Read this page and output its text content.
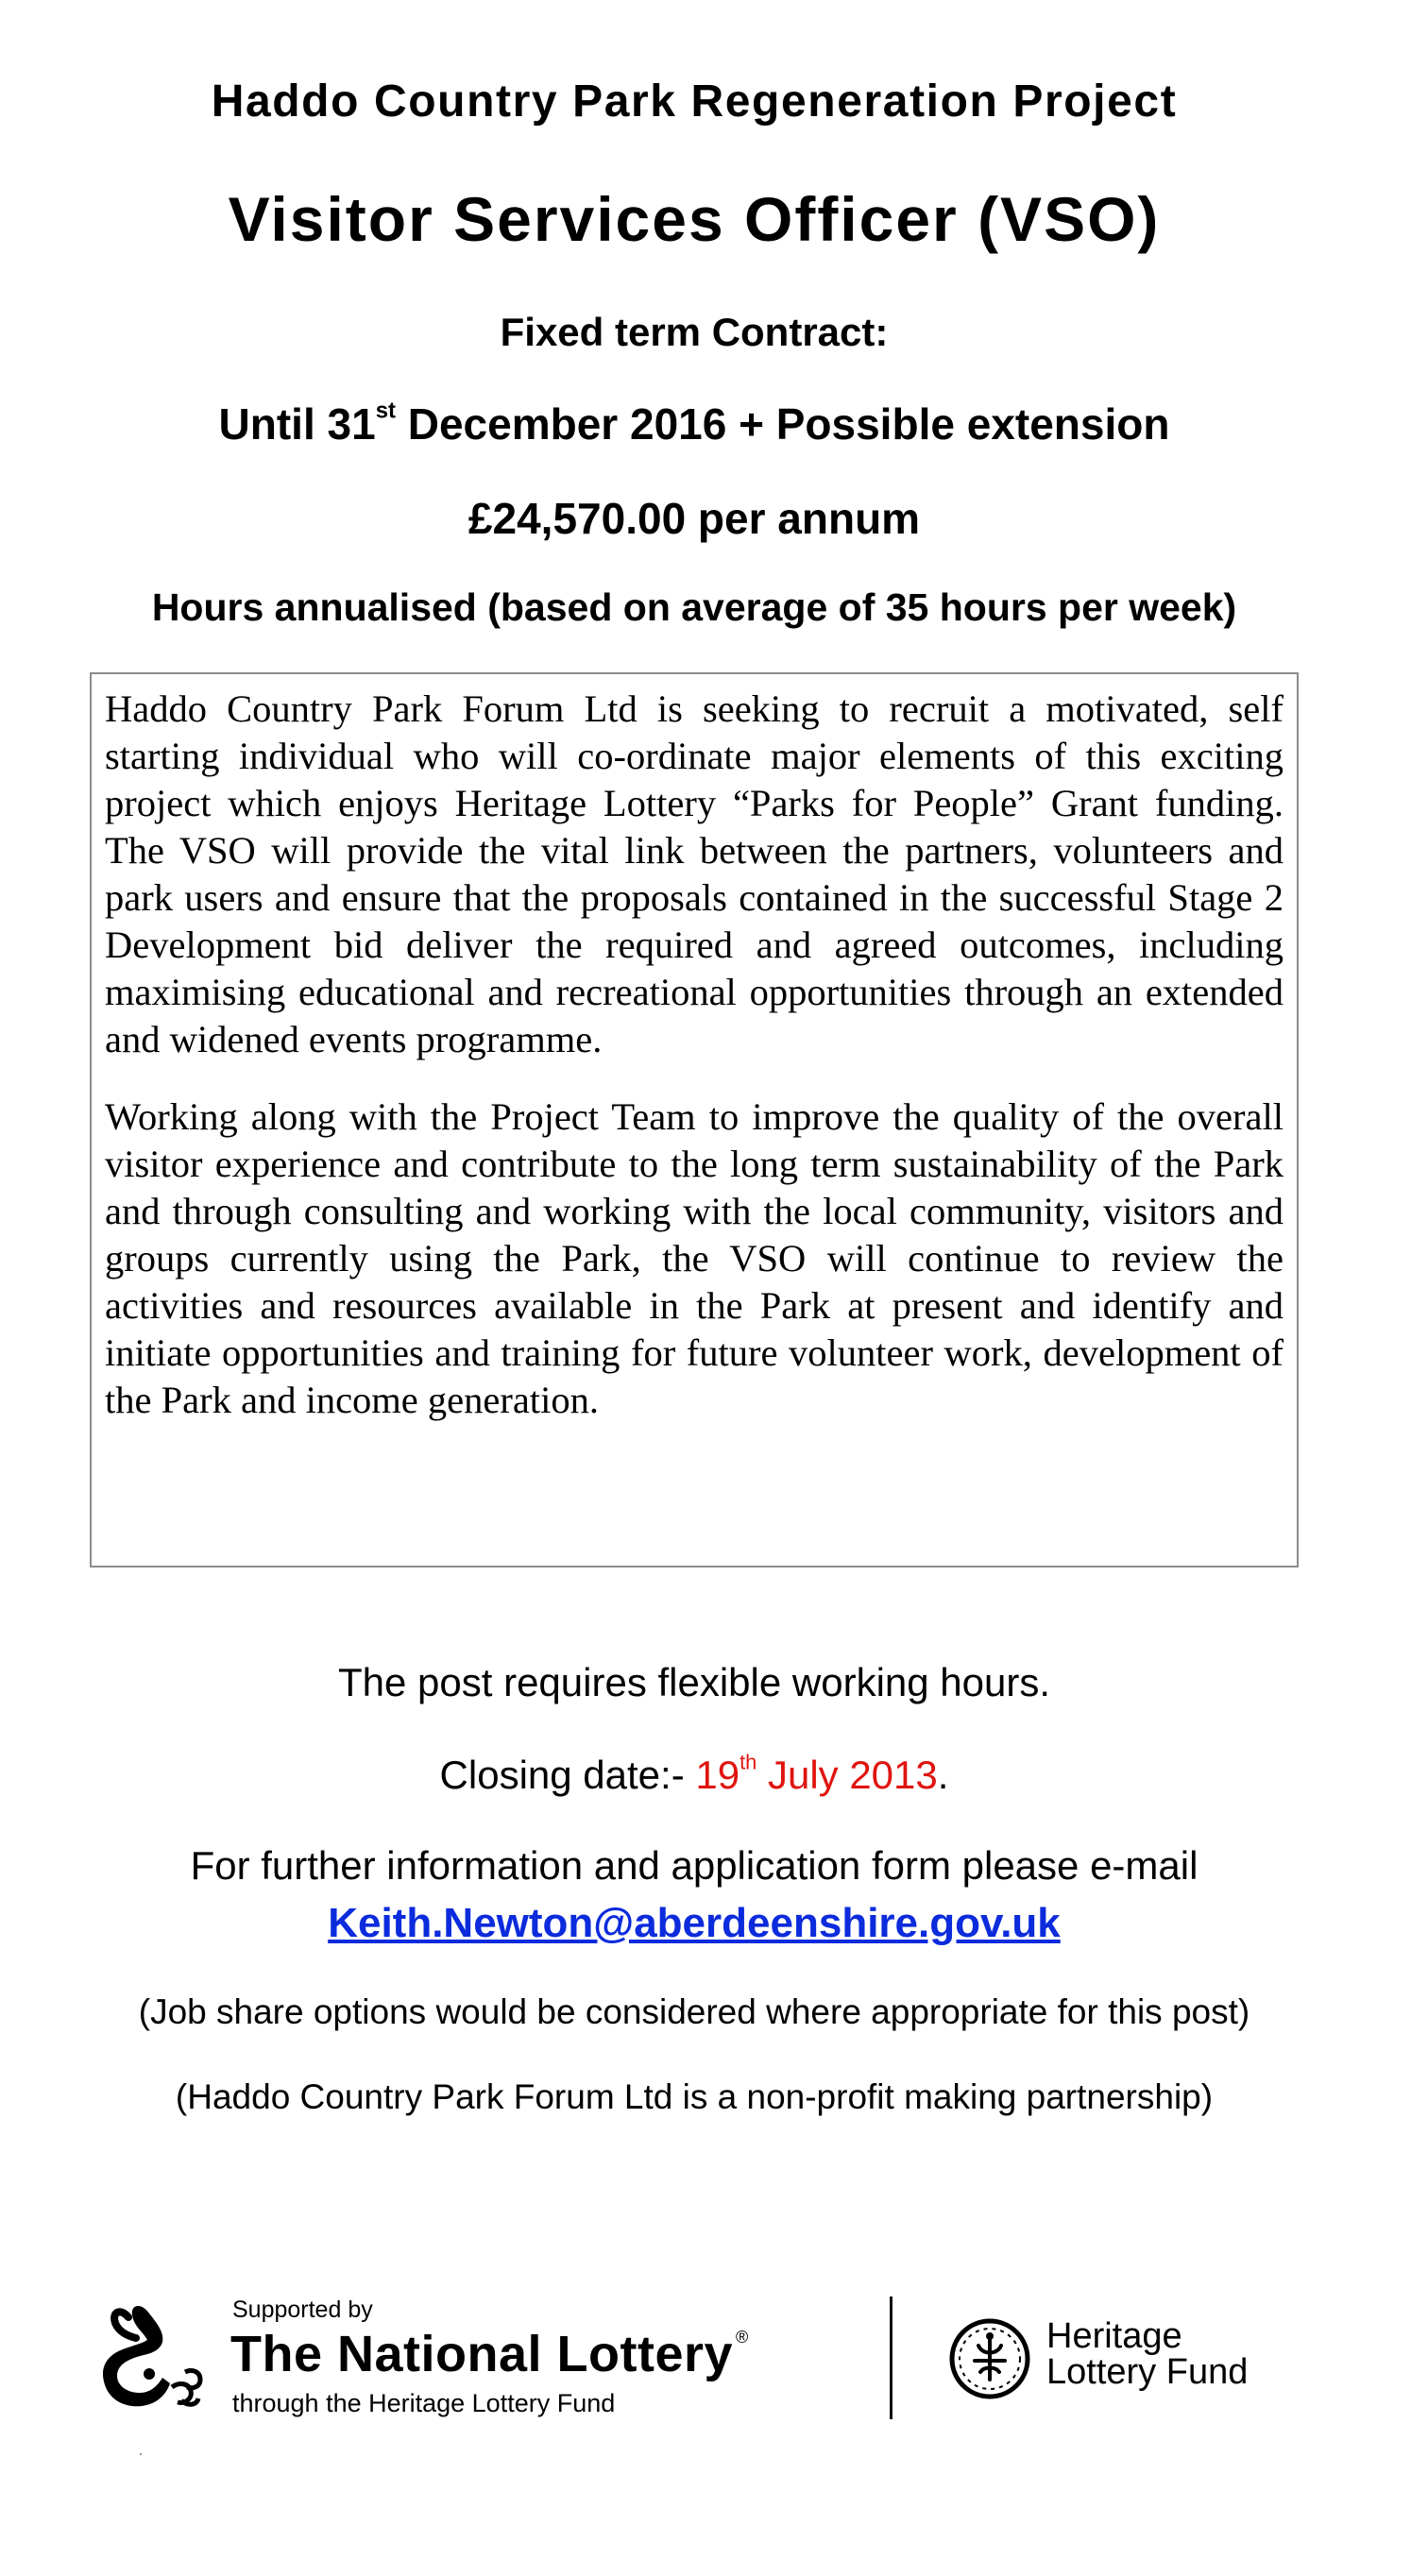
Haddo Country Park Regeneration Project
Visitor Services Officer (VSO)
Fixed term Contract:
Until 31st December 2016 + Possible extension
£24,570.00 per annum
Hours annualised (based on average of 35 hours per week)

Haddo Country Park Forum Ltd is seeking to recruit a motivated, self starting individual who will co-ordinate major elements of this exciting project which enjoys Heritage Lottery “Parks for People” Grant funding. The VSO will provide the vital link between the partners, volunteers and park users and ensure that the proposals contained in the successful Stage 2 Development bid deliver the required and agreed outcomes, including maximising educational and recreational opportunities through an extended and widened events programme.

Working along with the Project Team to improve the quality of the overall visitor experience and contribute to the long term sustainability of the Park and through consulting and working with the local community, visitors and groups currently using the Park, the VSO will continue to review the activities and resources available in the Park at present and identify and initiate opportunities and training for future volunteer work, development of the Park and income generation.

The post requires flexible working hours.
Closing date:- 19th July 2013.
For further information and application form please e-mail
Keith.Newton@aberdeenshire.gov.uk
(Job share options would be considered where appropriate for this post)
(Haddo Country Park Forum Ltd is a non-profit making partnership)
Supported by
The National Lottery ®
through the Heritage Lottery Fund
Heritage
Lottery Fund
